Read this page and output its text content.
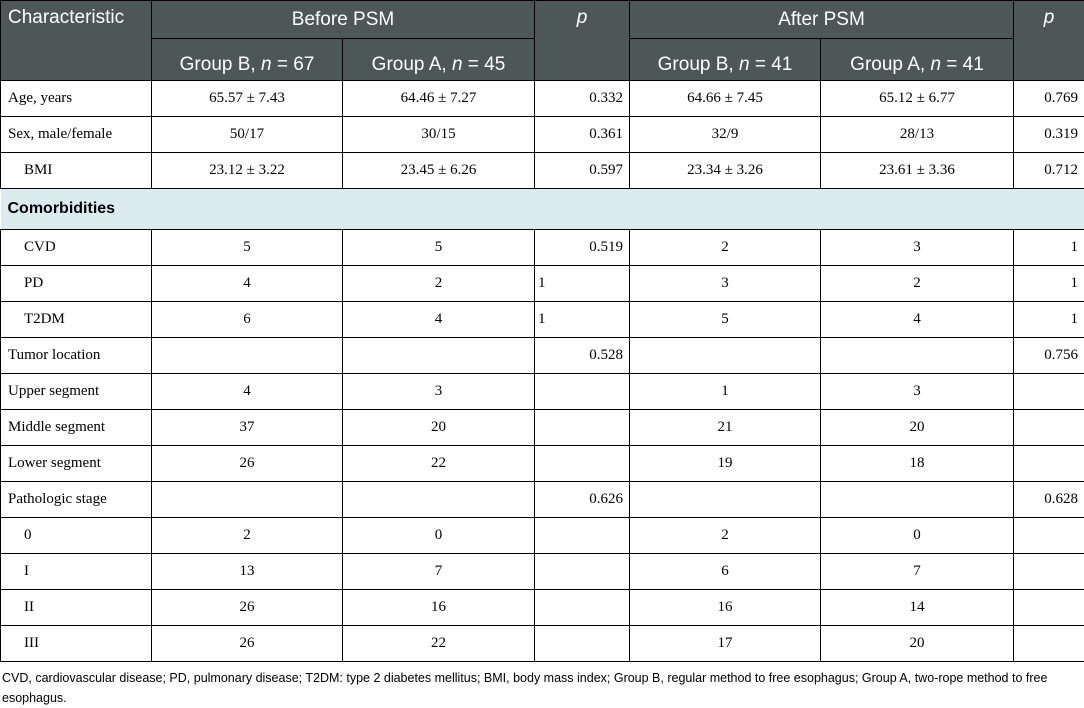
Characteristic	Before PSM		p	After PSM		p
	Group B, n = 67	Group A, n = 45		Group B, n = 41	Group A, n = 41	
Age, years	65.57 ± 7.43	64.46 ± 7.27	0.332	64.66 ± 7.45	65.12 ± 6.77	0.769
Sex, male/female	50/17	30/15	0.361	32/9	28/13	0.319
BMI	23.12 ± 3.22	23.45 ± 6.26	0.597	23.34 ± 3.26	23.61 ± 3.36	0.712
Comorbidities						
CVD	5	5	0.519	2	3	1
PD	4	2	1	3	2	1
T2DM	6	4	1	5	4	1
Tumor location			0.528			0.756
Upper segment	4	3		1	3	
Middle segment	37	20		21	20	
Lower segment	26	22		19	18	
Pathologic stage			0.626			0.628
0	2	0		2	0	
I	13	7		6	7	
II	26	16		16	14	
III	26	22		17	20	
CVD, cardiovascular disease; PD, pulmonary disease; T2DM: type 2 diabetes mellitus; BMI, body mass index; Group B, regular method to free esophagus; Group A, two-rope method to free esophagus.
